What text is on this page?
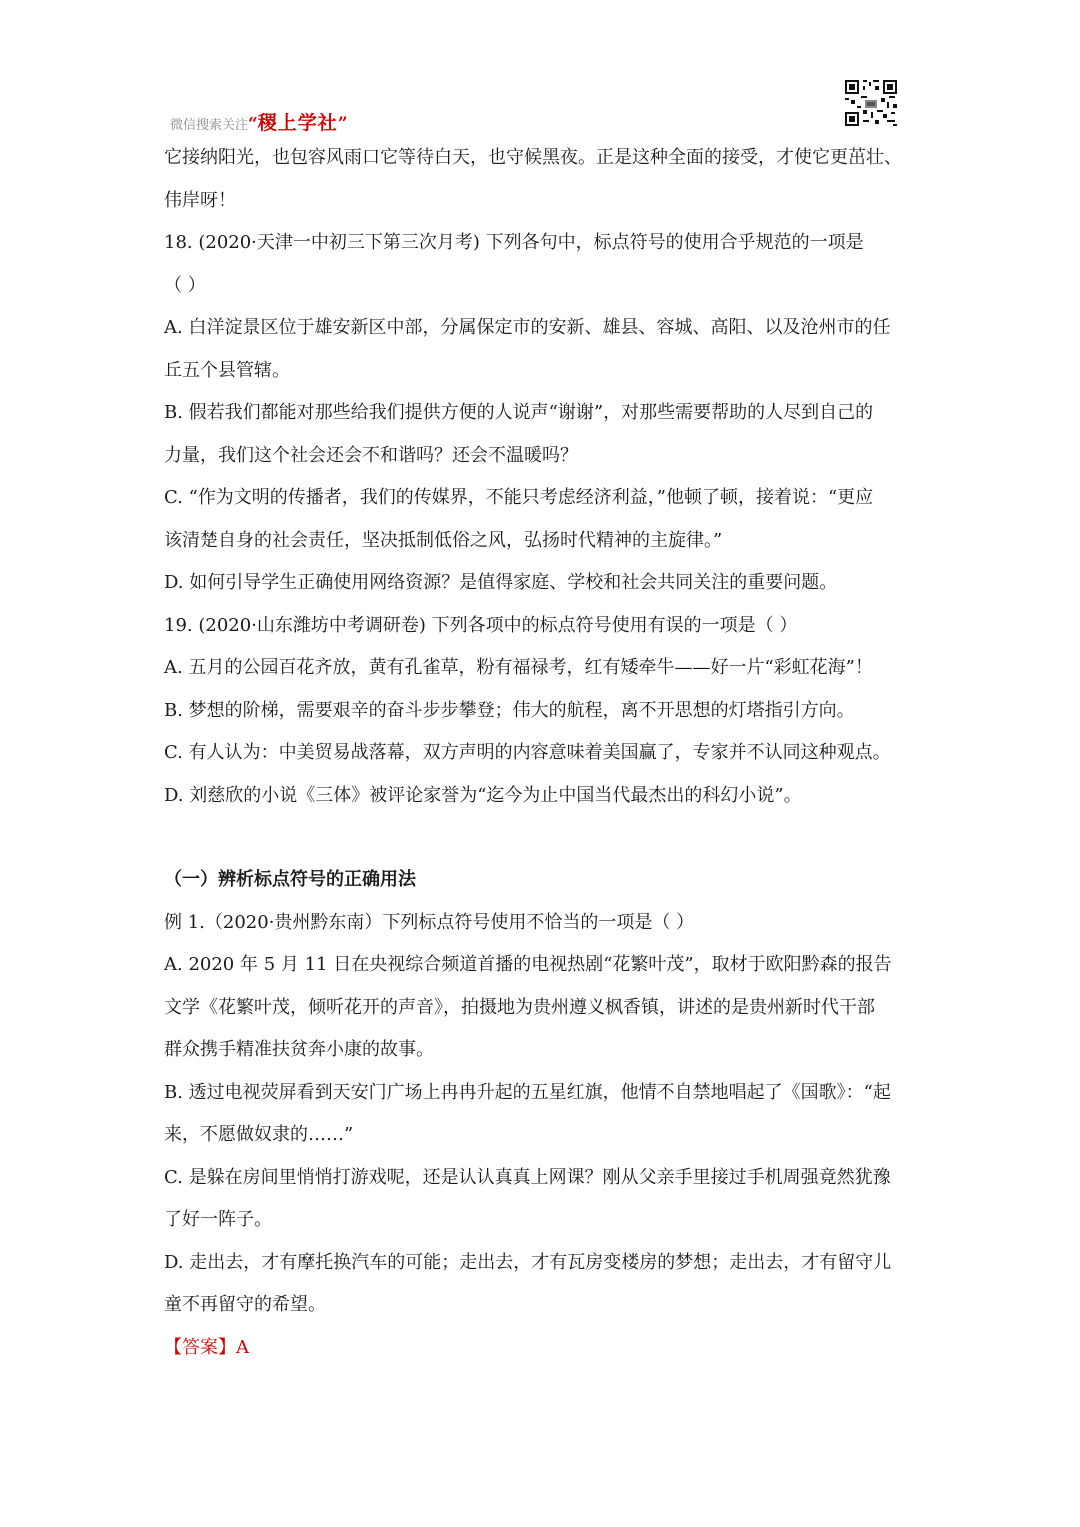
微信搜索关注 “ 稷上学社 ”
它接纳阳光，也包容风雨口它等待白天，也守候黑夜。正是这种全面的接受，才使它更茁壮、
伟岸呀！
18. (2020·天津一中初三下第三次月考) 下列各句中，标点符号的使用合乎规范的一项是
（ ）
A. 白洋淀景区位于雄安新区中部，分属保定市的安新、雄县、容城、高阳、以及沧州市的任
丘五个县管辖。
B. 假若我们都能对那些给我们提供方便的人说声“谢谢”，对那些需要帮助的人尽到自己的
力量，我们这个社会还会不和谐吗？还会不温暖吗？
C. “作为文明的传播者，我们的传媒界，不能只考虑经济利益，”他顿了顿，接着说：“更应
该清楚自身的社会责任，坚决抵制低俗之风，弘扬时代精神的主旋律。”
D. 如何引导学生正确使用网络资源？是值得家庭、学校和社会共同关注的重要问题。
19. (2020·山东潍坊中考调研卷) 下列各项中的标点符号使用有误的一项是（ ）
A. 五月的公园百花齐放，黄有孔雀草，粉有福禄考，红有矮牵牛——好一片“彩虹花海”！
B. 梦想的阶梯，需要艰辛的奋斗步步攀登；伟大的航程，离不开思想的灯塔指引方向。
C. 有人认为：中美贸易战落幕，双方声明的内容意味着美国赢了，专家并不认同这种观点。
D. 刘慈欣的小说《三体》被评论家誉为“迄今为止中国当代最杰出的科幻小说”。
（一）辨析标点符号的正确用法
例 1.（2020·贵州黔东南）下列标点符号使用不恰当的一项是（ ）
A. 2020 年 5 月 11 日在央视综合频道首播的电视热剧“花繁叶茂”，取材于欧阳黔森的报告
文学《花繁叶茂，倾听花开的声音》，拍摄地为贵州遵义枫香镇，讲述的是贵州新时代干部
群众携手精准扶贫奔小康的故事。
B. 透过电视荧屏看到天安门广场上冉冉升起的五星红旗，他情不自禁地唱起了《国歌》：“起
来，不愿做奴隶的……”
C. 是躲在房间里悄悄打游戏呢，还是认认真真上网课？刚从父亲手里接过手机周强竟然犹豫
了好一阵子。
D. 走出去，才有摩托换汽车的可能；走出去，才有瓦房变楼房的梦想；走出去，才有留守儿
童不再留守的希望。
【答案】A
